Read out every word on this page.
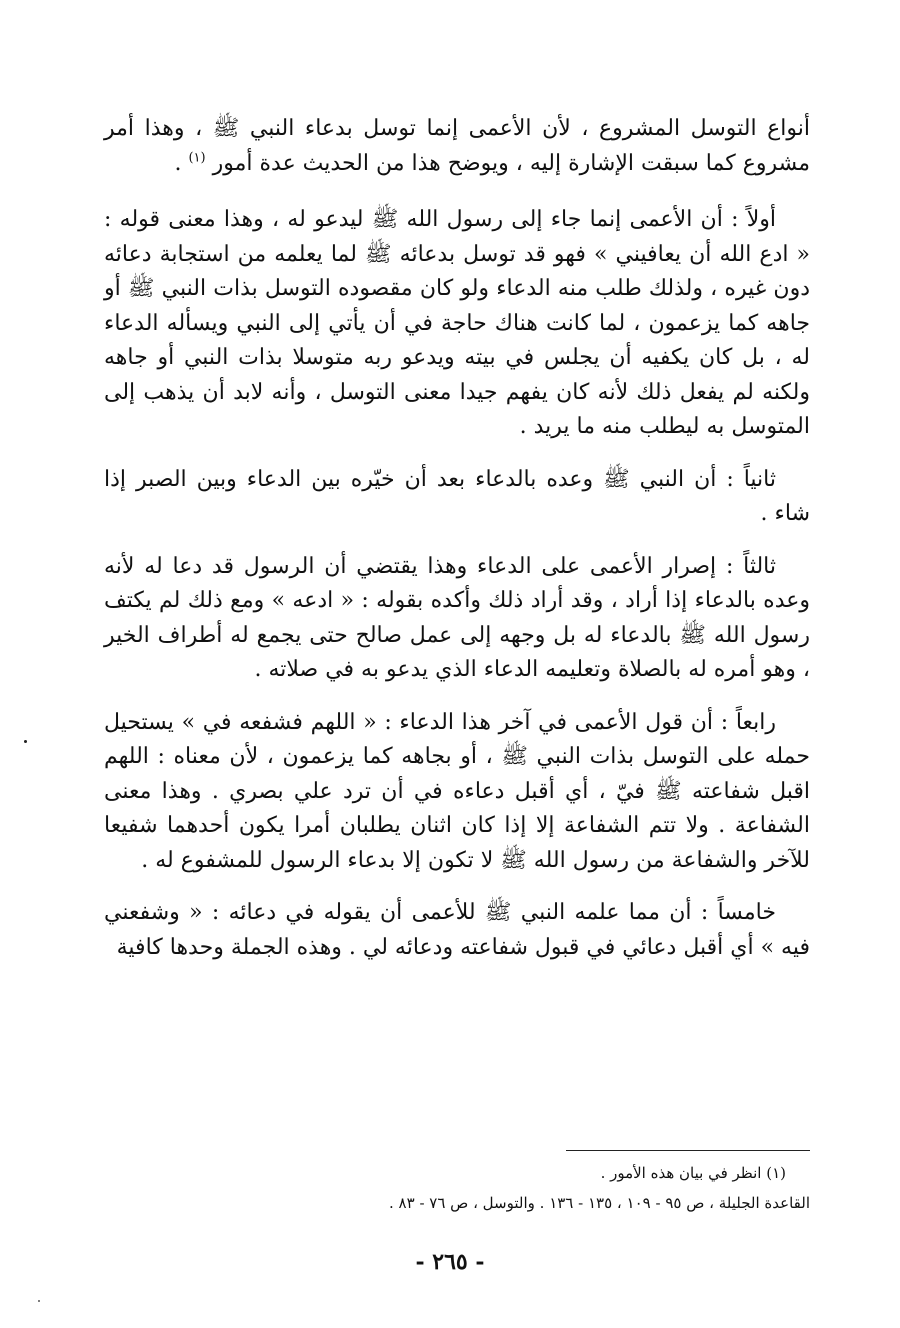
أنواع التوسل المشروع ، لأن الأعمى إنما توسل بدعاء النبي ﷺ ، وهذا أمر مشروع كما سبقت الإشارة إليه ، ويوضح هذا من الحديث عدة أمور $^{(١)}$ .

أولاً : أن الأعمى إنما جاء إلى رسول الله ﷺ ليدعو له ، وهذا معنى قوله : « ادع الله أن يعافيني » فهو قد توسل بدعائه ﷺ لما يعلمه من استجابة دعائه دون غيره ، ولذلك طلب منه الدعاء ولو كان مقصوده التوسل بذات النبي ﷺ أو جاهه كما يزعمون ، لما كانت هناك حاجة في أن يأتي إلى النبي ويسأله الدعاء له ، بل كان يكفيه أن يجلس في بيته ويدعو ربه متوسلا بذات النبي أو جاهه ولكنه لم يفعل ذلك لأنه كان يفهم جيدا معنى التوسل ، وأنه لابد أن يذهب إلى المتوسل به ليطلب منه ما يريد .

ثانياً : أن النبي ﷺ وعده بالدعاء بعد أن خيّره بين الدعاء وبين الصبر إذا شاء .

ثالثاً : إصرار الأعمى على الدعاء وهذا يقتضي أن الرسول قد دعا له لأنه وعده بالدعاء إذا أراد ، وقد أراد ذلك وأكده بقوله : « ادعه » ومع ذلك لم يكتف رسول الله ﷺ بالدعاء له بل وجهه إلى عمل صالح حتى يجمع له أطراف الخير ، وهو أمره له بالصلاة وتعليمه الدعاء الذي يدعو به في صلاته .

رابعاً : أن قول الأعمى في آخر هذا الدعاء : « اللهم فشفعه في » يستحيل حمله على التوسل بذات النبي ﷺ ، أو بجاهه كما يزعمون ، لأن معناه : اللهم اقبل شفاعته ﷺ فيّ ، أي أقبل دعاءه في أن ترد علي بصري . وهذا معنى الشفاعة . ولا تتم الشفاعة إلا إذا كان اثنان يطلبان أمرا يكون أحدهما شفيعا للآخر والشفاعة من رسول الله ﷺ لا تكون إلا بدعاء الرسول للمشفوع له .

خامساً : أن مما علمه النبي ﷺ للأعمى أن يقوله في دعائه : « وشفعني فيه » أي أقبل دعائي في قبول شفاعته ودعائه لي . وهذه الجملة وحدها كافية

(١) انظر في بيان هذه الأمور .
القاعدة الجليلة ، ص ٩٥ - ١٠٩ ، ١٣٥ - ١٣٦ . والتوسل ، ص ٧٦ - ٨٣ .
- ٢٦٥ -
